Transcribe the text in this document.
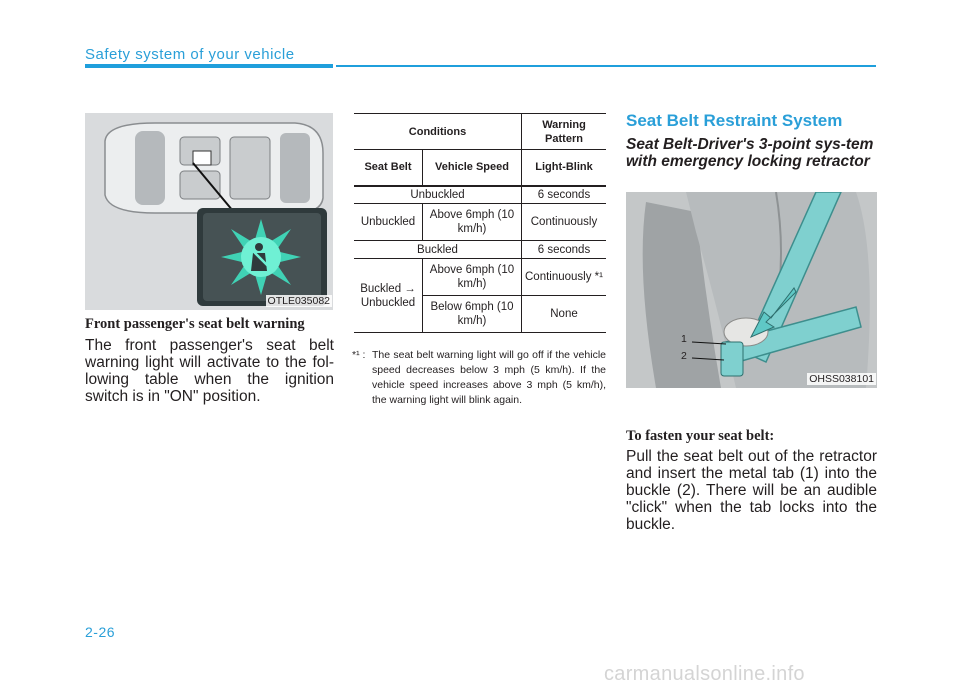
Safety system of your vehicle
OTLE035082
Front passenger's seat belt warning
The front passenger's seat belt warning light will activate to the fol-lowing table when the ignition switch is in "ON" position.
Conditions		Warning Pattern
Seat Belt	Vehicle Speed	Light-Blink
Unbuckled		6 seconds
Unbuckled	Above 6mph (10 km/h)	Continuously
Buckled		6 seconds
Buckled → Unbuckled	Above 6mph (10 km/h)	Continuously *¹
	Below 6mph (10 km/h)	None
*¹ : The seat belt warning light will go off if the vehicle speed decreases below 3 mph (5 km/h). If the vehicle speed increases above 3 mph (5 km/h), the warning light will blink again.
Seat Belt Restraint System
Seat Belt-Driver's 3-point sys-tem with emergency locking retractor
1
2
OHSS038101
To fasten your seat belt:
Pull the seat belt out of the retractor and insert the metal tab (1) into the buckle (2). There will be an audible "click" when the tab locks into the buckle.
2-26
carmanualsonline.info
